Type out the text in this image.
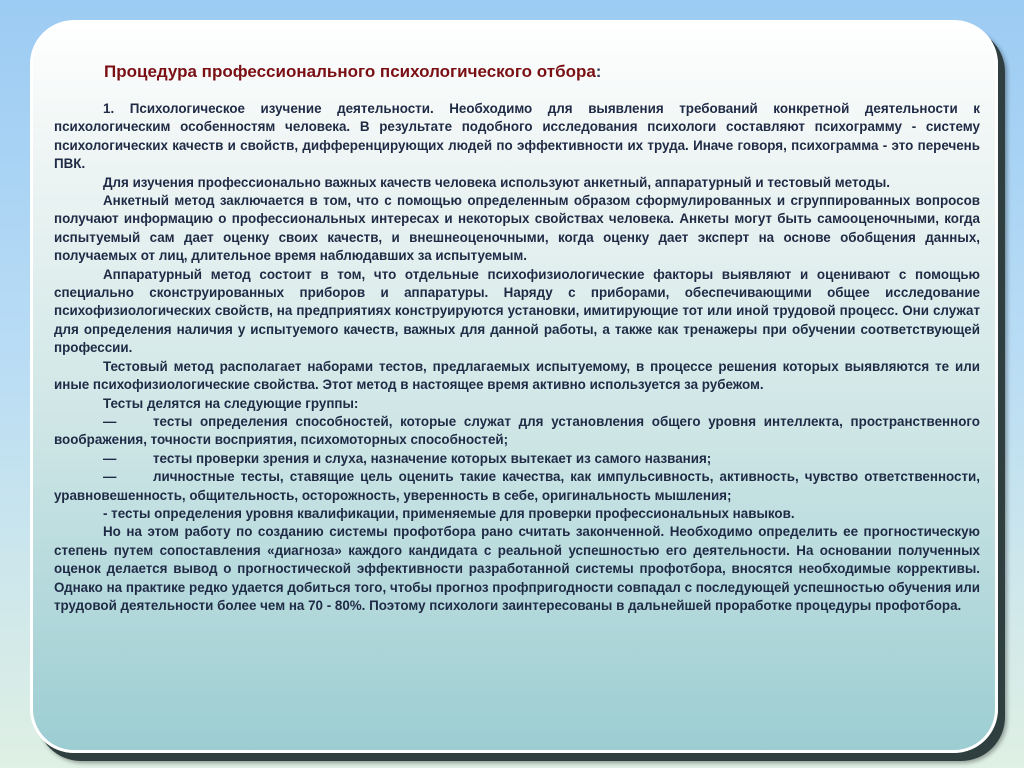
Процедура профессионального психологического отбора:

1. Психологическое изучение деятельности. Необходимо для выявления требований конкретной деятельности к психологическим особенностям человека. В результате подобного исследования психологи составляют психограмму - систему психологических качеств и свойств, дифференцирующих людей по эффективности их труда. Иначе говоря, психограмма - это перечень ПВК.

Для изучения профессионально важных качеств человека используют анкетный, аппаратурный и тестовый методы.

Анкетный метод заключается в том, что с помощью определенным образом сформулированных и сгруппированных вопросов получают информацию о профессиональных интересах и некоторых свойствах человека. Анкеты могут быть самооценочными, когда испытуемый сам дает оценку своих качеств, и внешнеоценочными, когда оценку дает эксперт на основе обобщения данных, получаемых от лиц, длительное время наблюдавших за испытуемым.

Аппаратурный метод состоит в том, что отдельные психофизиологические факторы выявляют и оценивают с помощью специально сконструированных приборов и аппаратуры. Наряду с приборами, обеспечивающими общее исследование психофизиологических свойств, на предприятиях конструируются установки, имитирующие тот или иной трудовой процесс. Они служат для определения наличия у испытуемого качеств, важных для данной работы, а также как тренажеры при обучении соответствующей профессии.

Тестовый метод располагает наборами тестов, предлагаемых испытуемому, в процессе решения которых выявляются те или иные психофизиологические свойства. Этот метод в настоящее время активно используется за рубежом.

Тесты делятся на следующие группы:

—	тесты определения способностей, которые служат для установления общего уровня интеллекта, пространственного воображения, точности восприятия, психомоторных способностей;

—	тесты проверки зрения и слуха, назначение которых вытекает из самого названия;

—	личностные тесты, ставящие цель оценить такие качества, как импульсивность, активность, чувство ответственности, уравновешенность, общительность, осторожность, уверенность в себе, оригинальность мышления;

- тесты определения уровня квалификации, применяемые для проверки профессиональных навыков.

Но на этом работу по созданию системы профотбора рано считать законченной. Необходимо определить ее прогностическую степень путем сопоставления «диагноза» каждого кандидата с реальной успешностью его деятельности. На основании полученных оценок делается вывод о прогностической эффективности разработанной системы профотбора, вносятся необходимые коррективы. Однако на практике редко удается добиться того, чтобы прогноз профпригодности совпадал с последующей успешностью обучения или трудовой деятельности более чем на 70 - 80%. Поэтому психологи заинтересованы в дальнейшей проработке процедуры профотбора.
